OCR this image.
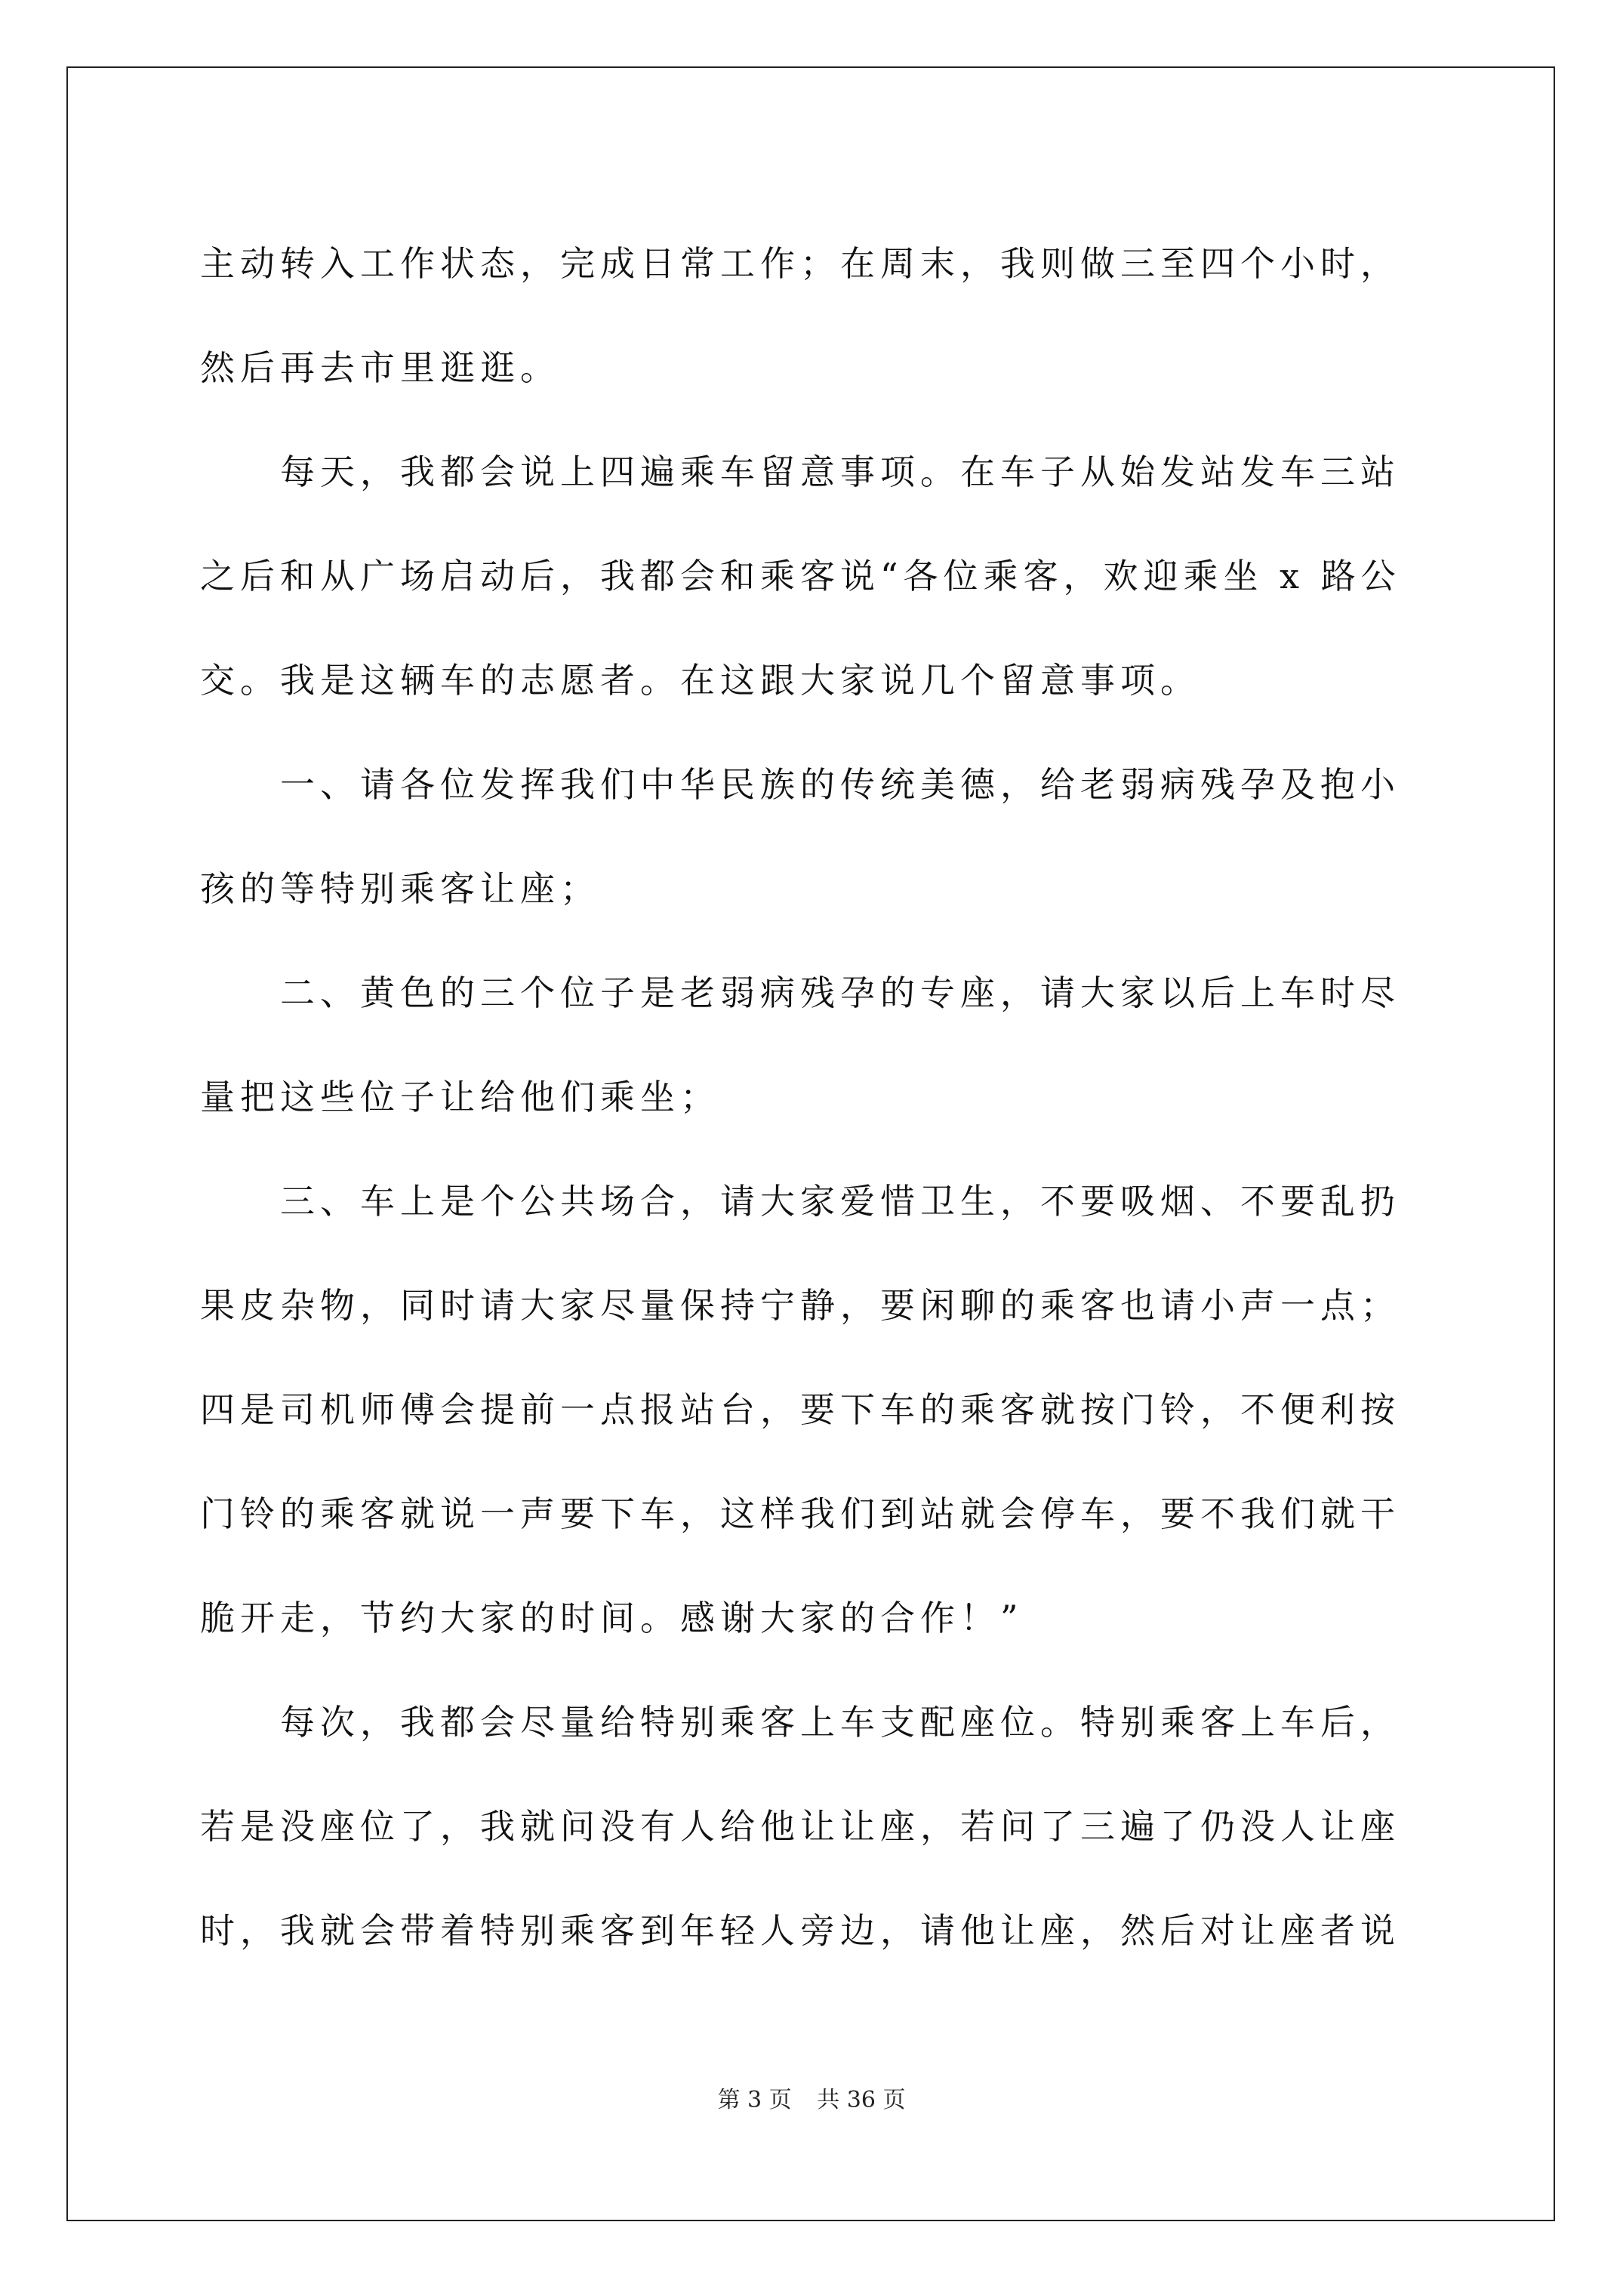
主动转入工作状态，完成日常工作；在周末，我则做三至四个小时，
然后再去市里逛逛。
　　每天，我都会说上四遍乘车留意事项。在车子从始发站发车三站
之后和从广场启动后，我都会和乘客说“各位乘客，欢迎乘坐 x 路公
交。我是这辆车的志愿者。在这跟大家说几个留意事项。
　　一、请各位发挥我们中华民族的传统美德，给老弱病残孕及抱小
孩的等特别乘客让座；
　　二、黄色的三个位子是老弱病残孕的专座，请大家以后上车时尽
量把这些位子让给他们乘坐；
　　三、车上是个公共场合，请大家爱惜卫生，不要吸烟、不要乱扔
果皮杂物，同时请大家尽量保持宁静，要闲聊的乘客也请小声一点；
四是司机师傅会提前一点报站台，要下车的乘客就按门铃，不便利按
门铃的乘客就说一声要下车，这样我们到站就会停车，要不我们就干
脆开走，节约大家的时间。感谢大家的合作！”
　　每次，我都会尽量给特别乘客上车支配座位。特别乘客上车后，
若是没座位了，我就问没有人给他让让座，若问了三遍了仍没人让座
时，我就会带着特别乘客到年轻人旁边，请他让座，然后对让座者说
第 3 页 共 36 页
